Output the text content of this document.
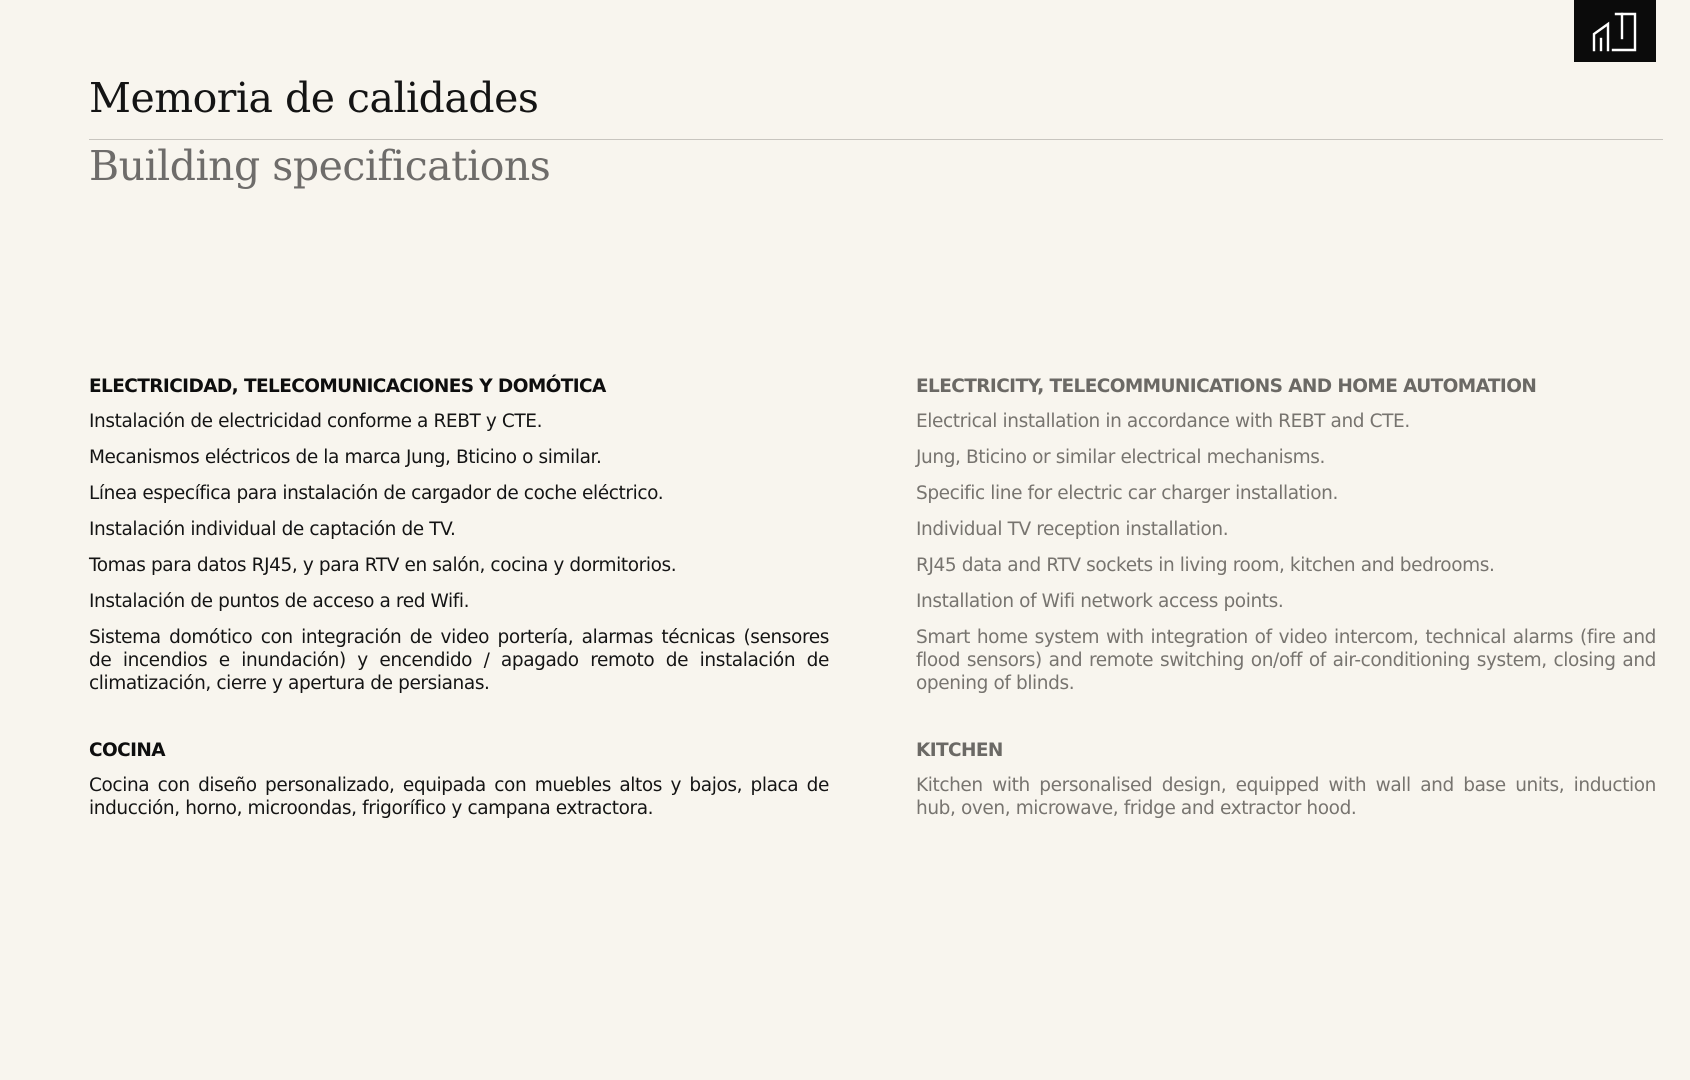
Memoria de calidades
Building specifications
ELECTRICIDAD, TELECOMUNICACIONES Y DOMÓTICA

Instalación de electricidad conforme a REBT y CTE.

Mecanismos eléctricos de la marca Jung, Bticino o similar.

Línea específica para instalación de cargador de coche eléctrico.

Instalación individual de captación de TV.

Tomas para datos RJ45, y para RTV en salón, cocina y dormitorios.

Instalación de puntos de acceso a red Wifi.

Sistema domótico con integración de video portería, alarmas técnicas (sensores de incendios e inundación) y encendido / apagado remoto de instalación de climatización, cierre y apertura de persianas.

COCINA

Cocina con diseño personalizado, equipada con muebles altos y bajos, placa de inducción, horno, microondas, frigorífico y campana extractora.

ELECTRICITY, TELECOMMUNICATIONS AND HOME AUTOMATION

Electrical installation in accordance with REBT and CTE.

Jung, Bticino or similar electrical mechanisms.

Specific line for electric car charger installation.

Individual TV reception installation.

RJ45 data and RTV sockets in living room, kitchen and bedrooms.

Installation of Wifi network access points.

Smart home system with integration of video intercom, technical alarms (fire and flood sensors) and remote switching on/off of air-conditioning system, closing and opening of blinds.

KITCHEN

Kitchen with personalised design, equipped with wall and base units, induction hub, oven, microwave, fridge and extractor hood.
